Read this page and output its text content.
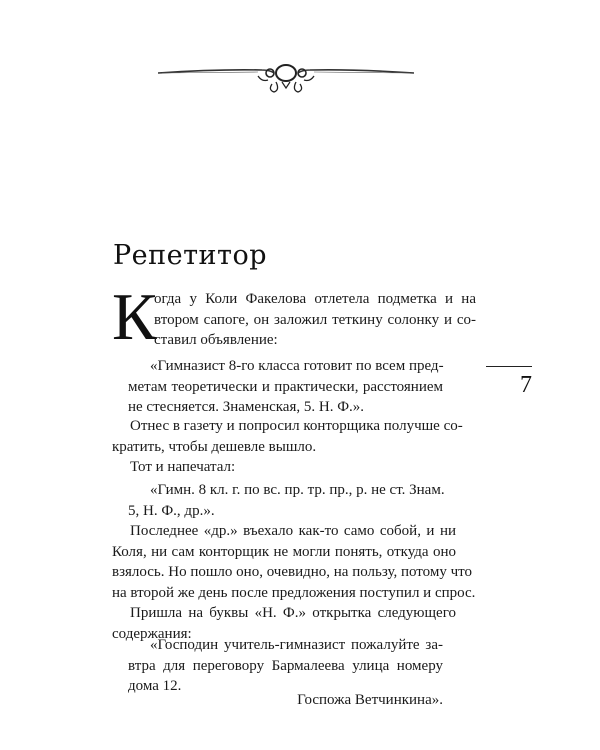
Репетитор
7
К
огда у Коли Факелова отлетела подметка и на
втором сапоге, он заложил теткину солонку и со-
ставил объявление:
«Гимназист 8-го класса готовит по всем пред-
метам теоретически и практически, расстоянием
не стесняется. Знаменская, 5. Н. Ф.».
Отнес в газету и попросил конторщика получше со-
кратить, чтобы дешевле вышло.
Тот и напечатал:
«Гимн. 8 кл. г. по вс. пр. тр. пр., р. не ст. Знам.
5, Н. Ф., др.».
Последнее «др.» въехало как-то само собой, и ни
Коля, ни сам конторщик не могли понять, откуда оно
взялось. Но пошло оно, очевидно, на пользу, потому что
на второй же день после предложения поступил и спрос.
Пришла на буквы «Н. Ф.» открытка следующего
содержания:
«Господин учитель-гимназист пожалуйте за-
втра для переговору Бармалеева улица номеру
дома 12.
Госпожа Ветчинкина».
